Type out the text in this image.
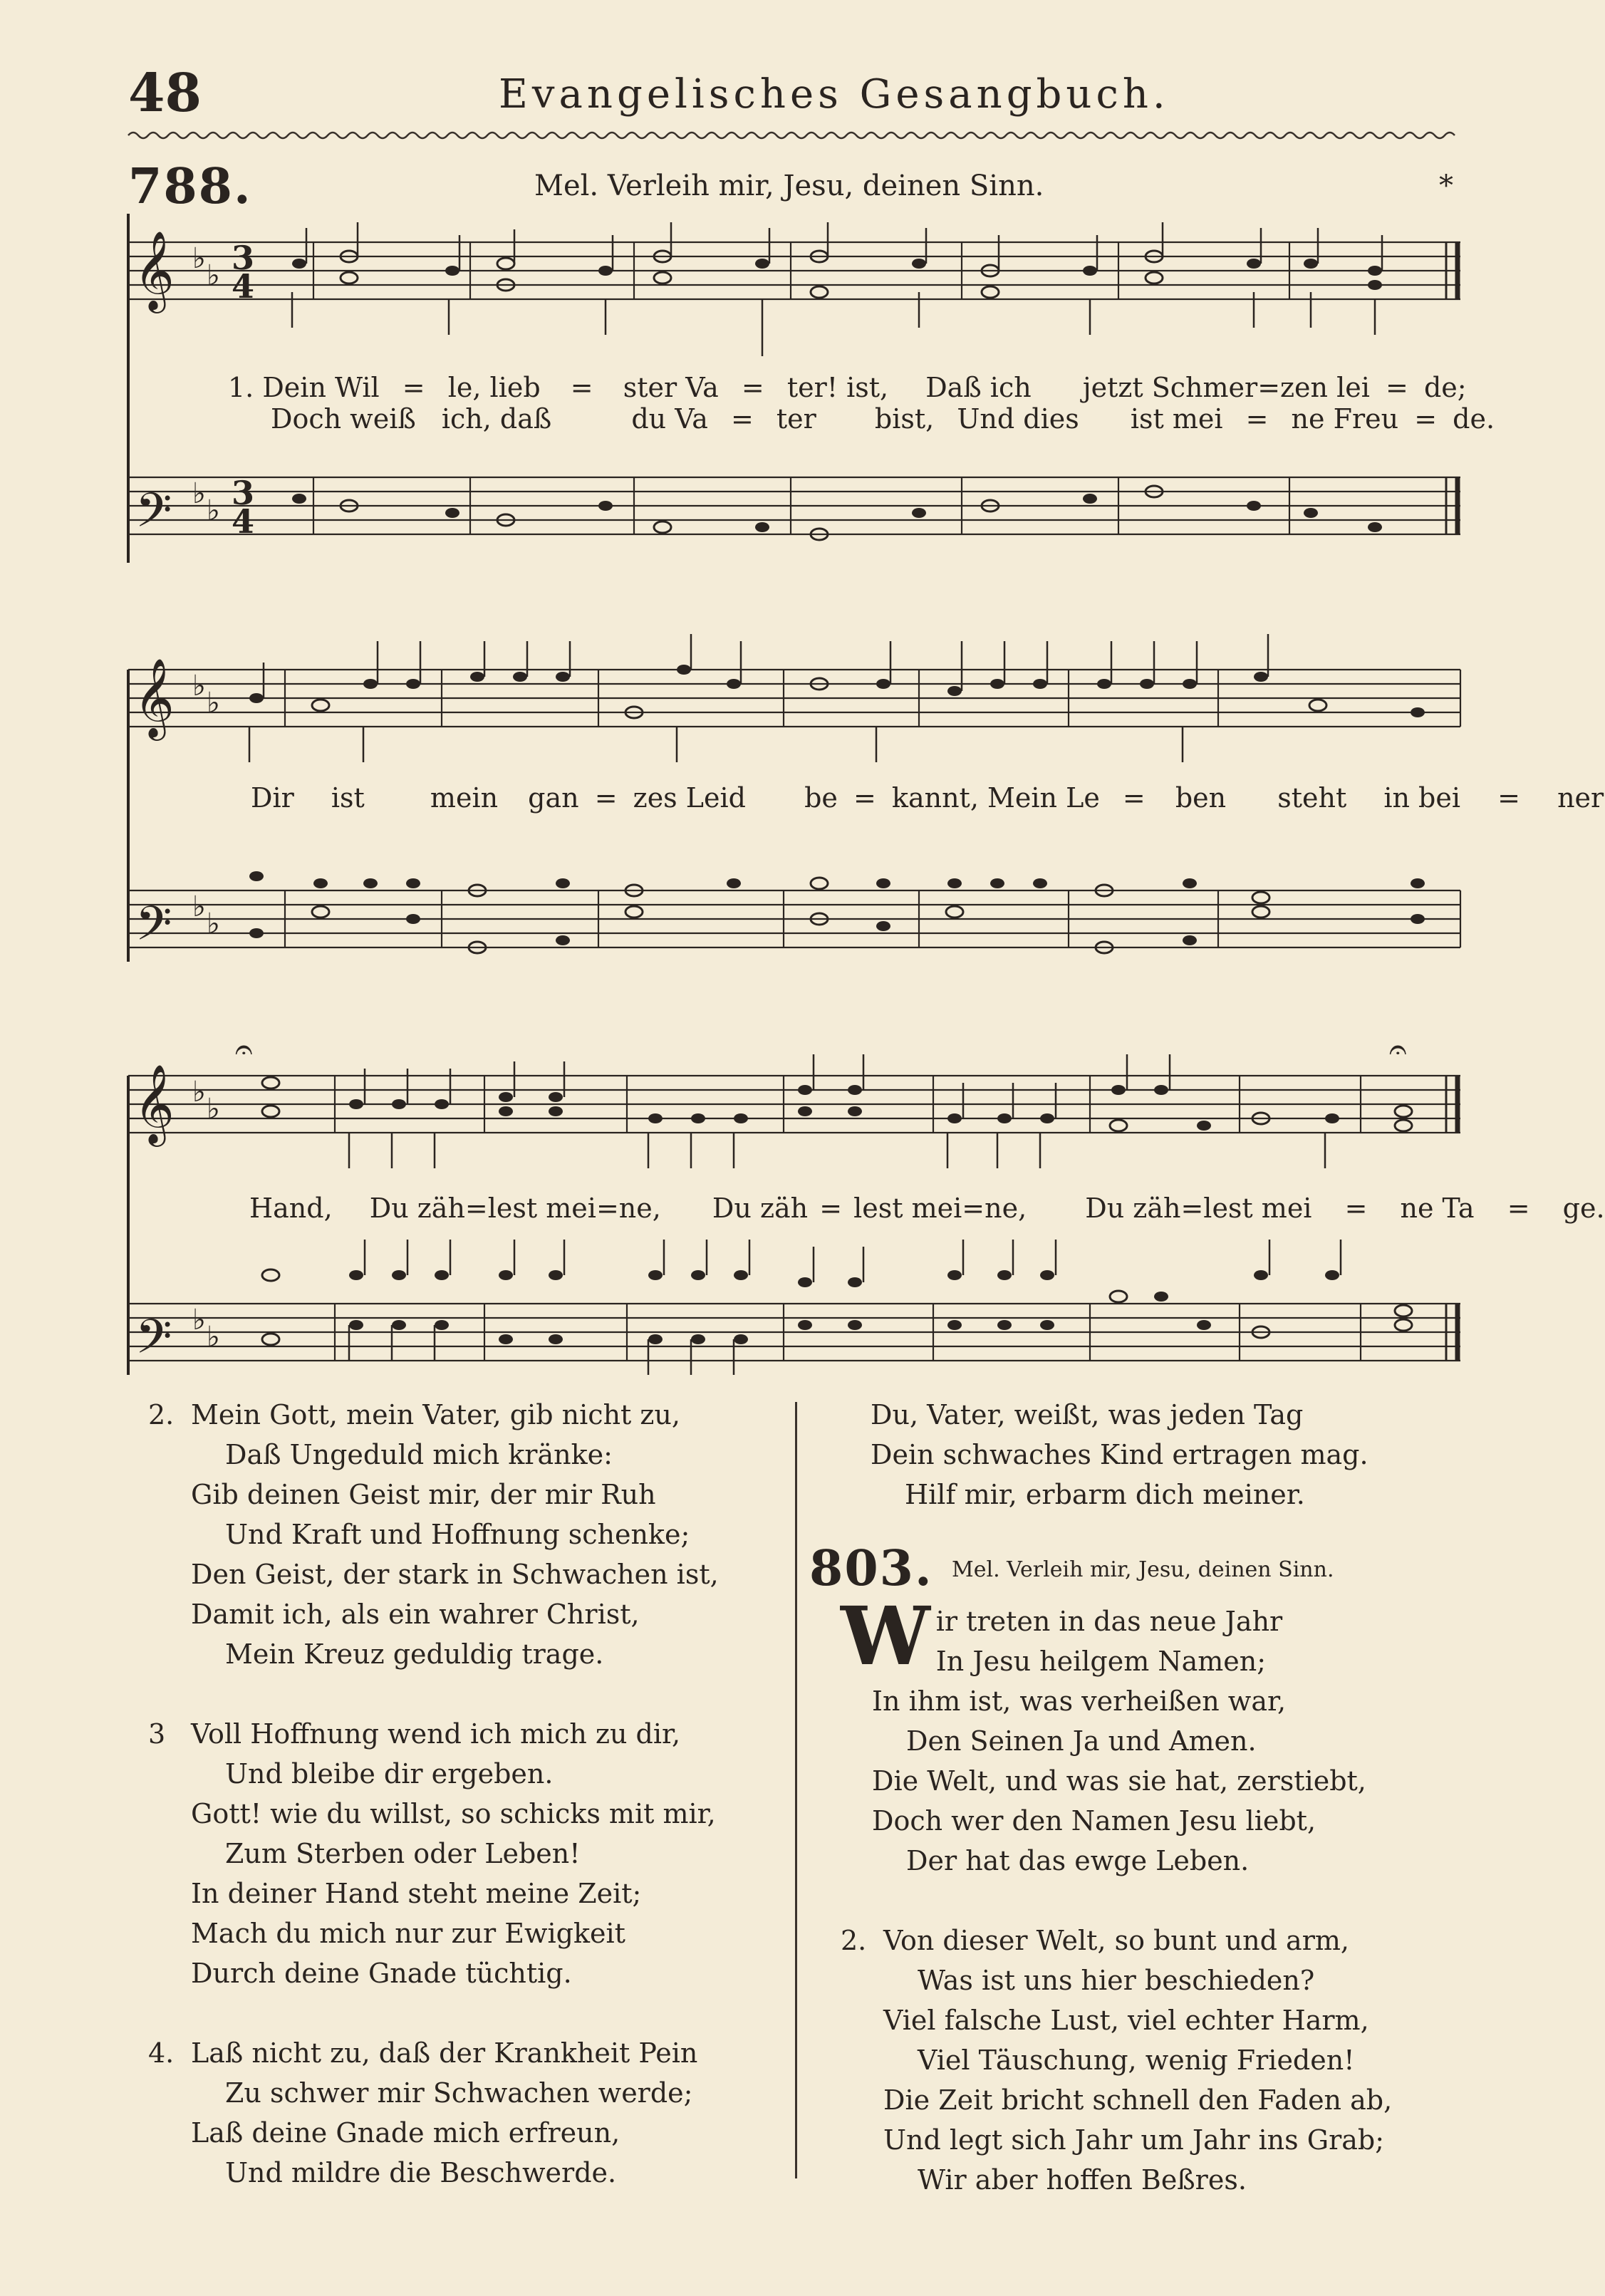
48	Evangelisches Gesangbuch.
788.	Mel. Verleih mir, Jesu, deinen Sinn.	*
𝄞
𝄢
♭
♭
♭
♭
3
4
3
4
1. Dein Wil = le, lieb = ster Va = ter! ist, Daß ich jetzt Schmer=zen lei = de;
Doch weiß ich, daß	du Va = ter bist, Und dies ist mei = ne Freu = de.
𝄞
𝄢
♭
♭
♭
♭
Dir ist mein gan = zes Leid be = kannt, Mein Le = ben steht in bei = ner
𝄞
𝄢
♭
♭
♭
♭
𝄐	𝄐
Hand, Du zäh=lest mei=ne, Du zäh = lest mei=ne, Du zäh=lest mei = ne Ta = ge.

2. Mein Gott, mein Vater, gib nicht zu,
Daß Ungeduld mich kränke:
Gib deinen Geist mir, der mir Ruh
Und Kraft und Hoffnung schenke;
Den Geist, der stark in Schwachen ist,
Damit ich, als ein wahrer Christ,
Mein Kreuz geduldig trage.

3 Voll Hoffnung wend ich mich zu dir,
Und bleibe dir ergeben.
Gott! wie du willst, so schicks mit mir,
Zum Sterben oder Leben!
In deiner Hand steht meine Zeit;
Mach du mich nur zur Ewigkeit
Durch deine Gnade tüchtig.

4. Laß nicht zu, daß der Krankheit Pein
Zu schwer mir Schwachen werde;
Laß deine Gnade mich erfreun,
Und mildre die Beschwerde.

Du, Vater, weißt, was jeden Tag
Dein schwaches Kind ertragen mag.
Hilf mir, erbarm dich meiner.
803. Mel. Verleih mir, Jesu, deinen Sinn.

W ir treten in das neue Jahr
In Jesu heilgem Namen;
In ihm ist, was verheißen war,
Den Seinen Ja und Amen.
Die Welt, und was sie hat, zerstiebt,
Doch wer den Namen Jesu liebt,
Der hat das ewge Leben.

2. Von dieser Welt, so bunt und arm,
Was ist uns hier beschieden?
Viel falsche Lust, viel echter Harm,
Viel Täuschung, wenig Frieden!
Die Zeit bricht schnell den Faden ab,
Und legt sich Jahr um Jahr ins Grab;
Wir aber hoffen Beßres.
